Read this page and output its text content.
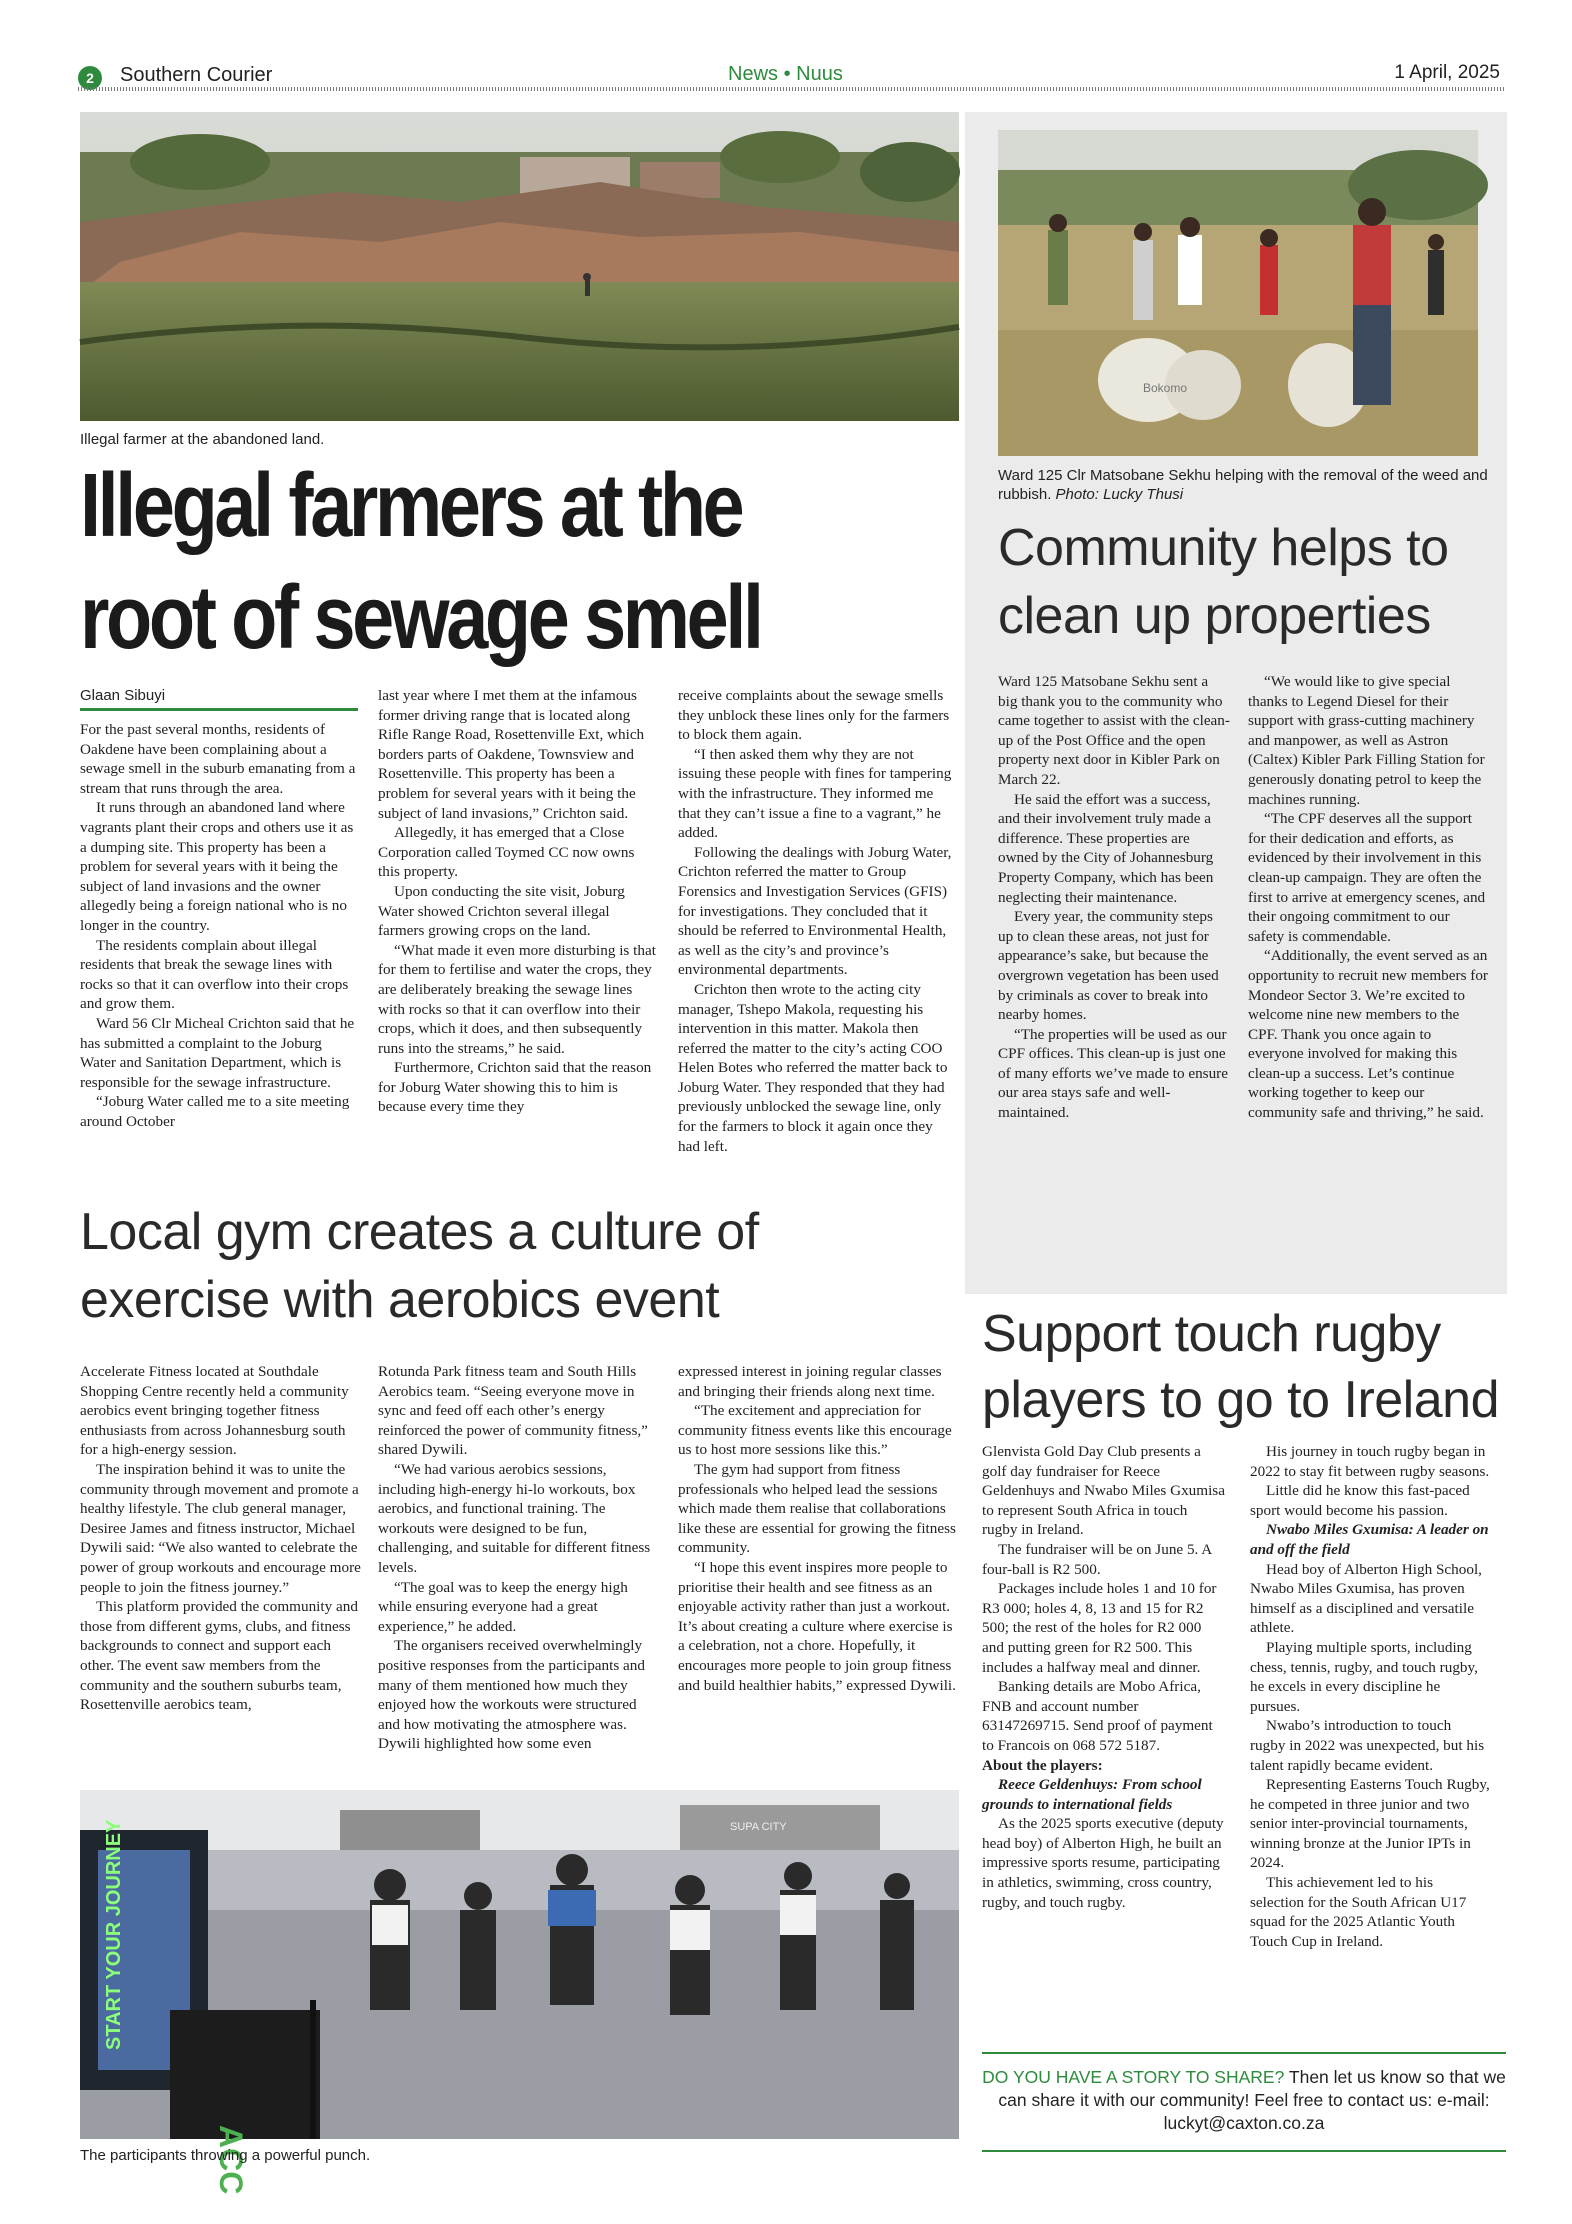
2	Southern Courier	News • Nuus	1 April, 2025
Illegal farmer at the abandoned land.
Illegal farmers at the
root of sewage smell
Glaan Sibuyi

For the past several months, residents of Oakdene have been complaining about a sewage smell in the suburb emanating from a stream that runs through the area.

It runs through an abandoned land where vagrants plant their crops and others use it as a dumping site. This property has been a problem for several years with it being the subject of land invasions and the owner allegedly being a foreign national who is no longer in the country.

The residents complain about illegal residents that break the sewage lines with rocks so that it can overflow into their crops and grow them.

Ward 56 Clr Micheal Crichton said that he has submitted a complaint to the Joburg Water and Sanitation Department, which is responsible for the sewage infrastructure.

“Joburg Water called me to a site meeting around October

last year where I met them at the infamous former driving range that is located along Rifle Range Road, Rosettenville Ext, which borders parts of Oakdene, Townsview and Rosettenville. This property has been a problem for several years with it being the subject of land invasions,” Crichton said.

Allegedly, it has emerged that a Close Corporation called Toymed CC now owns this property.

Upon conducting the site visit, Joburg Water showed Crichton several illegal farmers growing crops on the land.

“What made it even more disturbing is that for them to fertilise and water the crops, they are deliberately breaking the sewage lines with rocks so that it can overflow into their crops, which it does, and then subsequently runs into the streams,” he said.

Furthermore, Crichton said that the reason for Joburg Water showing this to him is because every time they

receive complaints about the sewage smells they unblock these lines only for the farmers to block them again.

“I then asked them why they are not issuing these people with fines for tampering with the infrastructure. They informed me that they can’t issue a fine to a vagrant,” he added.

Following the dealings with Joburg Water, Crichton referred the matter to Group Forensics and Investigation Services (GFIS) for investigations. They concluded that it should be referred to Environmental Health, as well as the city’s and province’s environmental departments.

Crichton then wrote to the acting city manager, Tshepo Makola, requesting his intervention in this matter. Makola then referred the matter to the city’s acting COO Helen Botes who referred the matter back to Joburg Water. They responded that they had previously unblocked the sewage line, only for the farmers to block it again once they had left.

Bokomo
Ward 125 Clr Matsobane Sekhu helping with the removal of the weed and rubbish. Photo: Lucky Thusi
Community helps to
clean up properties

Ward 125 Matsobane Sekhu sent a big thank you to the community who came together to assist with the clean-up of the Post Office and the open property next door in Kibler Park on March 22.

He said the effort was a success, and their involvement truly made a difference. These properties are owned by the City of Johannesburg Property Company, which has been neglecting their maintenance.

Every year, the community steps up to clean these areas, not just for appearance’s sake, but because the overgrown vegetation has been used by criminals as cover to break into nearby homes.

“The properties will be used as our CPF offices. This clean-up is just one of many efforts we’ve made to ensure our area stays safe and well-maintained.

“We would like to give special thanks to Legend Diesel for their support with grass-cutting machinery and manpower, as well as Astron (Caltex) Kibler Park Filling Station for generously donating petrol to keep the machines running.

“The CPF deserves all the support for their dedication and efforts, as evidenced by their involvement in this clean-up campaign. They are often the first to arrive at emergency scenes, and their ongoing commitment to our safety is commendable.

“Additionally, the event served as an opportunity to recruit new members for Mondeor Sector 3. We’re excited to welcome nine new members to the CPF. Thank you once again to everyone involved for making this clean-up a success. Let’s continue working together to keep our community safe and thriving,” he said.

Local gym creates a culture of
exercise with aerobics event

Accelerate Fitness located at Southdale Shopping Centre recently held a community aerobics event bringing together fitness enthusiasts from across Johannesburg south for a high-energy session.

The inspiration behind it was to unite the community through movement and promote a healthy lifestyle. The club general manager, Desiree James and fitness instructor, Michael Dywili said: “We also wanted to celebrate the power of group workouts and encourage more people to join the fitness journey.”

This platform provided the community and those from different gyms, clubs, and fitness backgrounds to connect and support each other. The event saw members from the community and the southern suburbs team, Rosettenville aerobics team,

Rotunda Park fitness team and South Hills Aerobics team. “Seeing everyone move in sync and feed off each other’s energy reinforced the power of community fitness,” shared Dywili.

“We had various aerobics sessions, including high-energy hi-lo workouts, box aerobics, and functional training. The workouts were designed to be fun, challenging, and suitable for different fitness levels.

“The goal was to keep the energy high while ensuring everyone had a great experience,” he added.

The organisers received overwhelmingly positive responses from the participants and many of them mentioned how much they enjoyed how the workouts were structured and how motivating the atmosphere was. Dywili highlighted how some even

expressed interest in joining regular classes and bringing their friends along next time.

“The excitement and appreciation for community fitness events like this encourage us to host more sessions like this.”

The gym had support from fitness professionals who helped lead the sessions which made them realise that collaborations like these are essential for growing the fitness community.

“I hope this event inspires more people to prioritise their health and see fitness as an enjoyable activity rather than just a workout. It’s about creating a culture where exercise is a celebration, not a chore. Hopefully, it encourages more people to join group fitness and build healthier habits,” expressed Dywili.

SUPA CITY
START YOUR JOURNEY
ACC
The participants throwing a powerful punch.
Support touch rugby
players to go to Ireland

Glenvista Gold Day Club presents a golf day fundraiser for Reece Geldenhuys and Nwabo Miles Gxumisa to represent South Africa in touch rugby in Ireland.

The fundraiser will be on June 5. A four-ball is R2 500.

Packages include holes 1 and 10 for R3 000; holes 4, 8, 13 and 15 for R2 500; the rest of the holes for R2 000 and putting green for R2 500. This includes a halfway meal and dinner.

Banking details are Mobo Africa, FNB and account number 63147269715. Send proof of payment to Francois on 068 572 5187.

About the players:

Reece Geldenhuys: From school grounds to international fields

As the 2025 sports executive (deputy head boy) of Alberton High, he built an impressive sports resume, participating in athletics, swimming, cross country, rugby, and touch rugby.

His journey in touch rugby began in 2022 to stay fit between rugby seasons.

Little did he know this fast-paced sport would become his passion.

Nwabo Miles Gxumisa: A leader on and off the field

Head boy of Alberton High School, Nwabo Miles Gxumisa, has proven himself as a disciplined and versatile athlete.

Playing multiple sports, including chess, tennis, rugby, and touch rugby, he excels in every discipline he pursues.

Nwabo’s introduction to touch rugby in 2022 was unexpected, but his talent rapidly became evident.

Representing Easterns Touch Rugby, he competed in three junior and two senior inter-provincial tournaments, winning bronze at the Junior IPTs in 2024.

This achievement led to his selection for the South African U17 squad for the 2025 Atlantic Youth Touch Cup in Ireland.

DO YOU HAVE A STORY TO SHARE? Then let us know so that we can share it with our community! Feel free to contact us: e-mail: luckyt@caxton.co.za
